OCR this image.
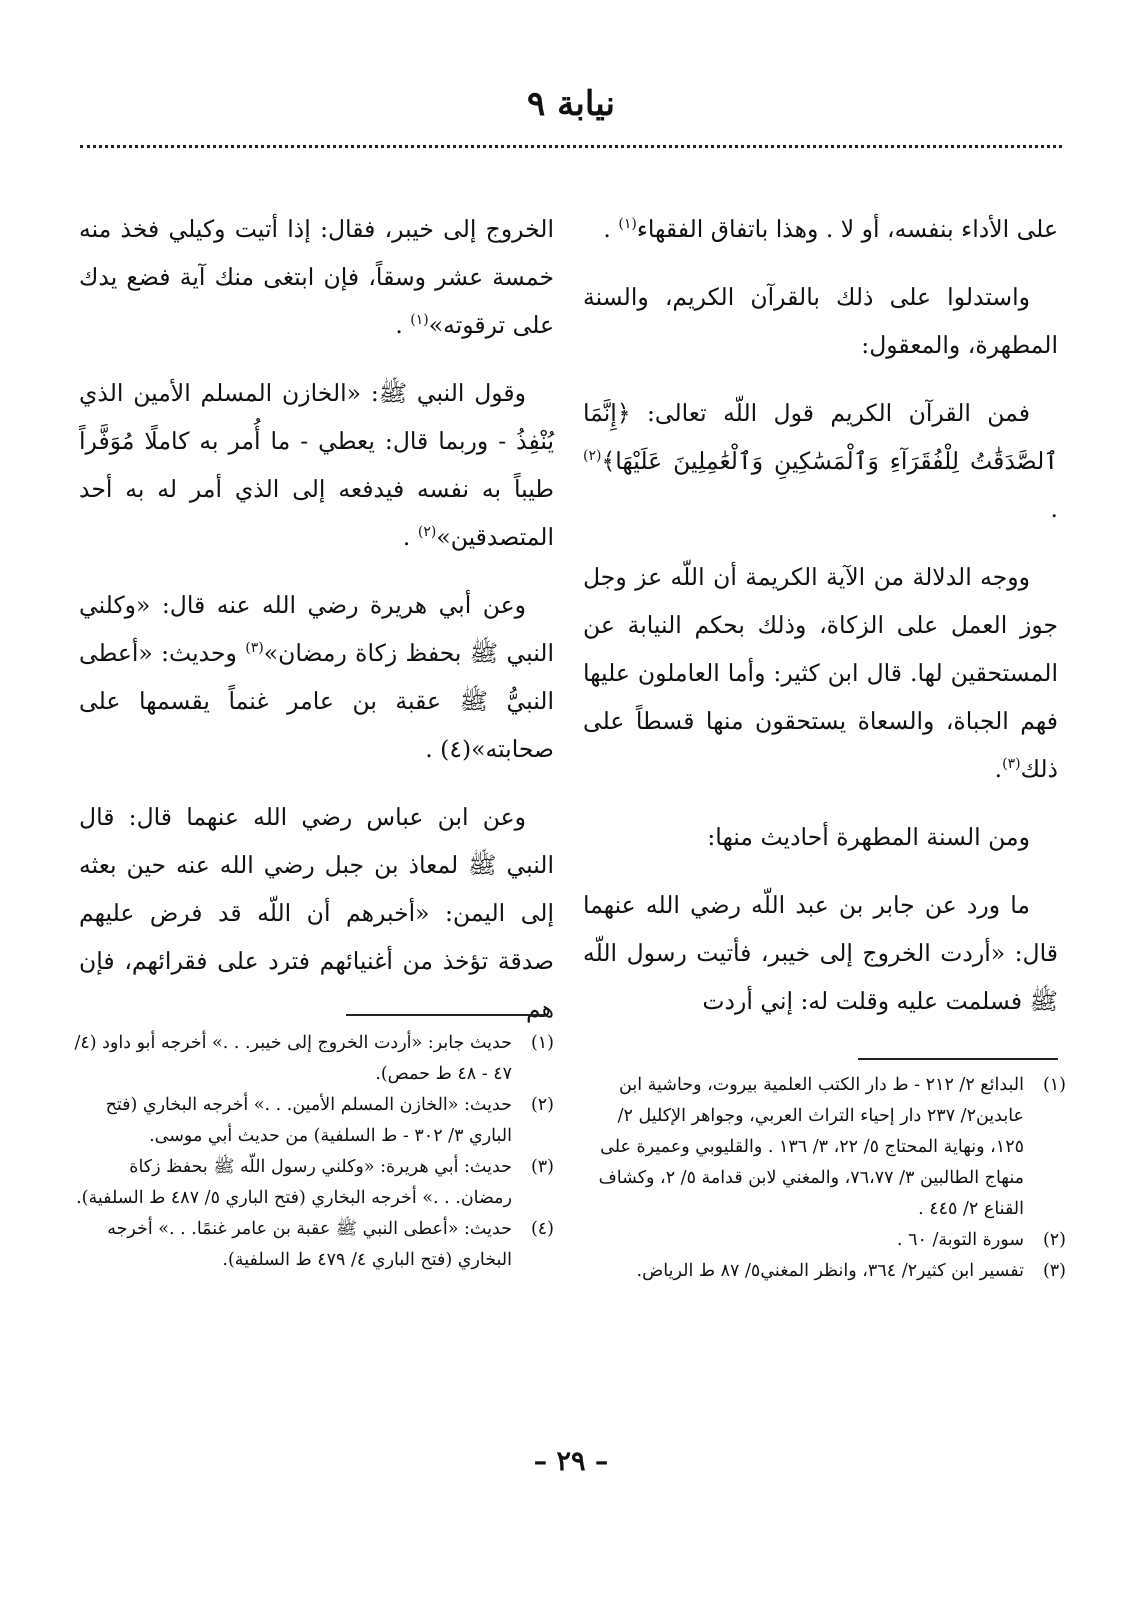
نيابة ٩

على الأداء بنفسه، أو لا . وهذا باتفاق الفقهاء$^{(١)}$ .

واستدلوا على ذلك بالقرآن الكريم، والسنة المطهرة، والمعقول:

فمن القرآن الكريم قول اللّه تعالى: ﴿إِنَّمَا ٱلصَّدَقَٰتُ لِلْفُقَرَآءِ وَٱلْمَسَٰكِينِ وَٱلْعَٰمِلِينَ عَلَيْهَا﴾$^{(٢)}$ .

ووجه الدلالة من الآية الكريمة أن اللّه عز وجل جوز العمل على الزكاة، وذلك بحكم النيابة عن المستحقين لها. قال ابن كثير: وأما العاملون عليها فهم الجباة، والسعاة يستحقون منها قسطاً على ذلك$^{(٣)}$.

ومن السنة المطهرة أحاديث منها:

ما ورد عن جابر بن عبد اللّه رضي الله عنهما قال: «أردت الخروج إلى خيبر، فأتيت رسول اللّه ﷺ فسلمت عليه وقلت له: إني أردت

الخروج إلى خيبر، فقال: إذا أتيت وكيلي فخذ منه خمسة عشر وسقاً، فإن ابتغى منك آية فضع يدك على ترقوته»$^{(١)}$ .

وقول النبي ﷺ: «الخازن المسلم الأمين الذي يُنْفِذُ - وربما قال: يعطي - ما أُمر به كاملًا مُوَفَّراً طيباً به نفسه فيدفعه إلى الذي أمر له به أحد المتصدقين»$^{(٢)}$ .

وعن أبي هريرة رضي الله عنه قال: «وكلني النبي ﷺ بحفظ زكاة رمضان»$^{(٣)}$ وحديث: «أعطى النبيُّ ﷺ عقبة بن عامر غنماً يقسمها على صحابته»(٤) .

وعن ابن عباس رضي الله عنهما قال: قال النبي ﷺ لمعاذ بن جبل رضي الله عنه حين بعثه إلى اليمن: «أخبرهم أن اللّه قد فرض عليهم صدقة تؤخذ من أغنيائهم فترد على فقرائهم، فإن هم

(١)
البدائع ٢/ ٢١٢ - ط دار الكتب العلمية بيروت، وحاشية ابن عابدين٢/ ٢٣٧ دار إحياء التراث العربي، وجواهر الإكليل ٢/ ١٢٥، ونهاية المحتاج ٥/ ٢٢، ٣/ ١٣٦ . والقليوبي وعميرة على منهاج الطالبين ٣/ ٧٦،٧٧، والمغني لابن قدامة ٥/ ٢، وكشاف القناع ٢/ ٤٤٥ .

(٢)
سورة التوبة/ ٦٠ .

(٣)
تفسير ابن كثير٢/ ٣٦٤، وانظر المغني٥/ ٨٧ ط الرياض.

(١)
حديث جابر: «أردت الخروج إلى خيبر. . .» أخرجه أبو داود (٤/ ٤٧ - ٤٨ ط حمص).

(٢)
حديث: «الخازن المسلم الأمين. . .» أخرجه البخاري (فتح الباري ٣/ ٣٠٢ - ط السلفية) من حديث أبي موسى.

(٣)
حديث: أبي هريرة: «وكلني رسول اللّه ﷺ بحفظ زكاة رمضان. . .» أخرجه البخاري (فتح الباري ٥/ ٤٨٧ ط السلفية).

(٤)
حديث: «أعطى النبي ﷺ عقبة بن عامر غنمًا. . .» أخرجه البخاري (فتح الباري ٤/ ٤٧٩ ط السلفية).

– ٢٩ –
